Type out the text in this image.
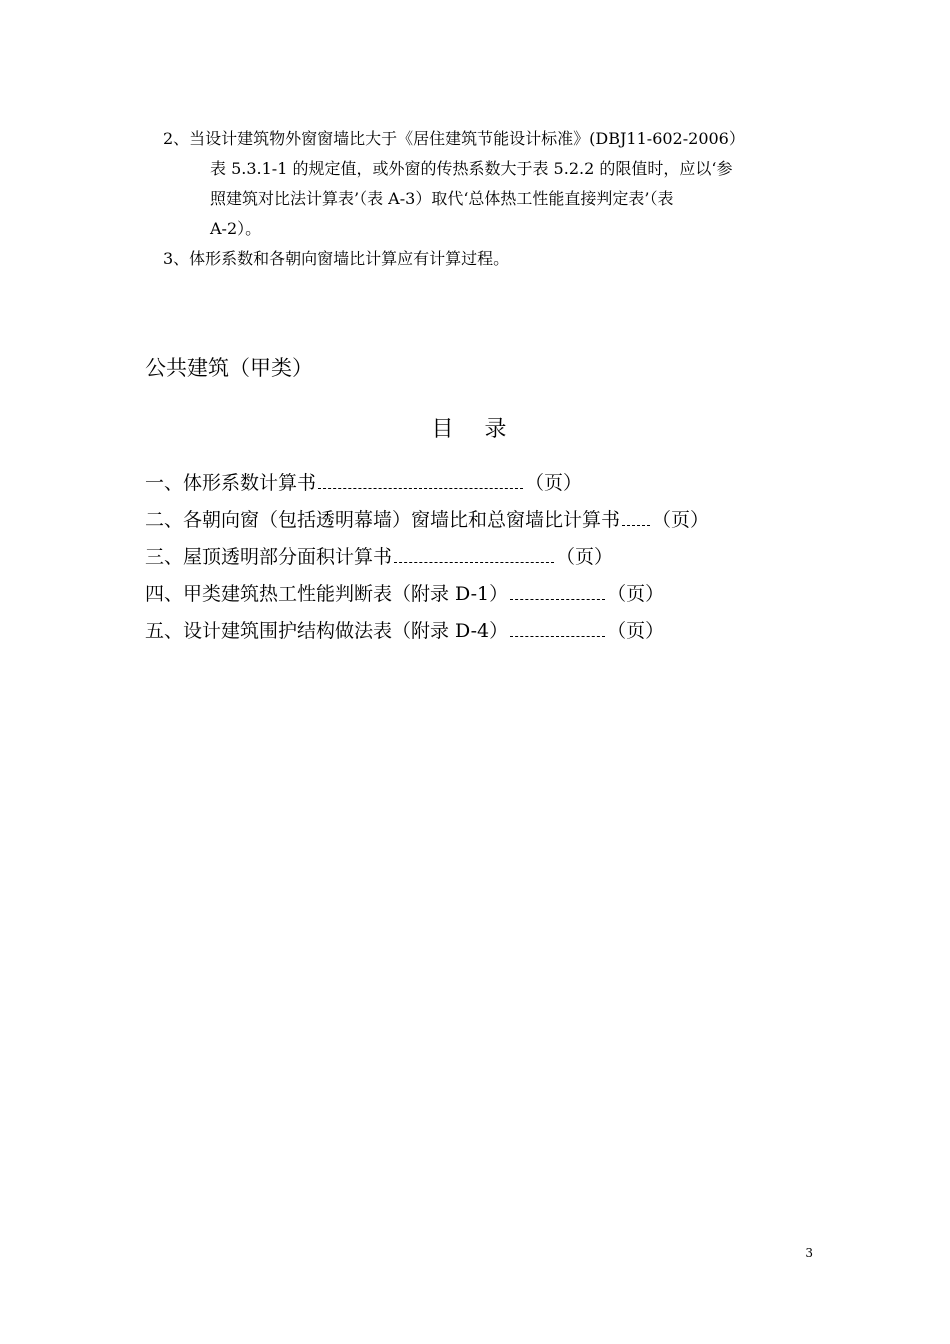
2、当设计建筑物外窗窗墙比大于《居住建筑节能设计标准》(DBJ11-602-2006）
表 5.3.1-1 的规定值，或外窗的传热系数大于表 5.2.2 的限值时，应以‘参
照建筑对比法计算表’（表 A-3）取代‘总体热工性能直接判定表’（表
A-2）。
3、体形系数和各朝向窗墙比计算应有计算过程。
公共建筑（甲类）
目 录
一、体形系数计算书	（页）
二、各朝向窗（包括透明幕墙）窗墙比和总窗墙比计算书 （页）
三、屋顶透明部分面积计算书	（页）
四、甲类建筑热工性能判断表（附录 D-1）	（页）
五、设计建筑围护结构做法表（附录 D-4）	（页）
3
